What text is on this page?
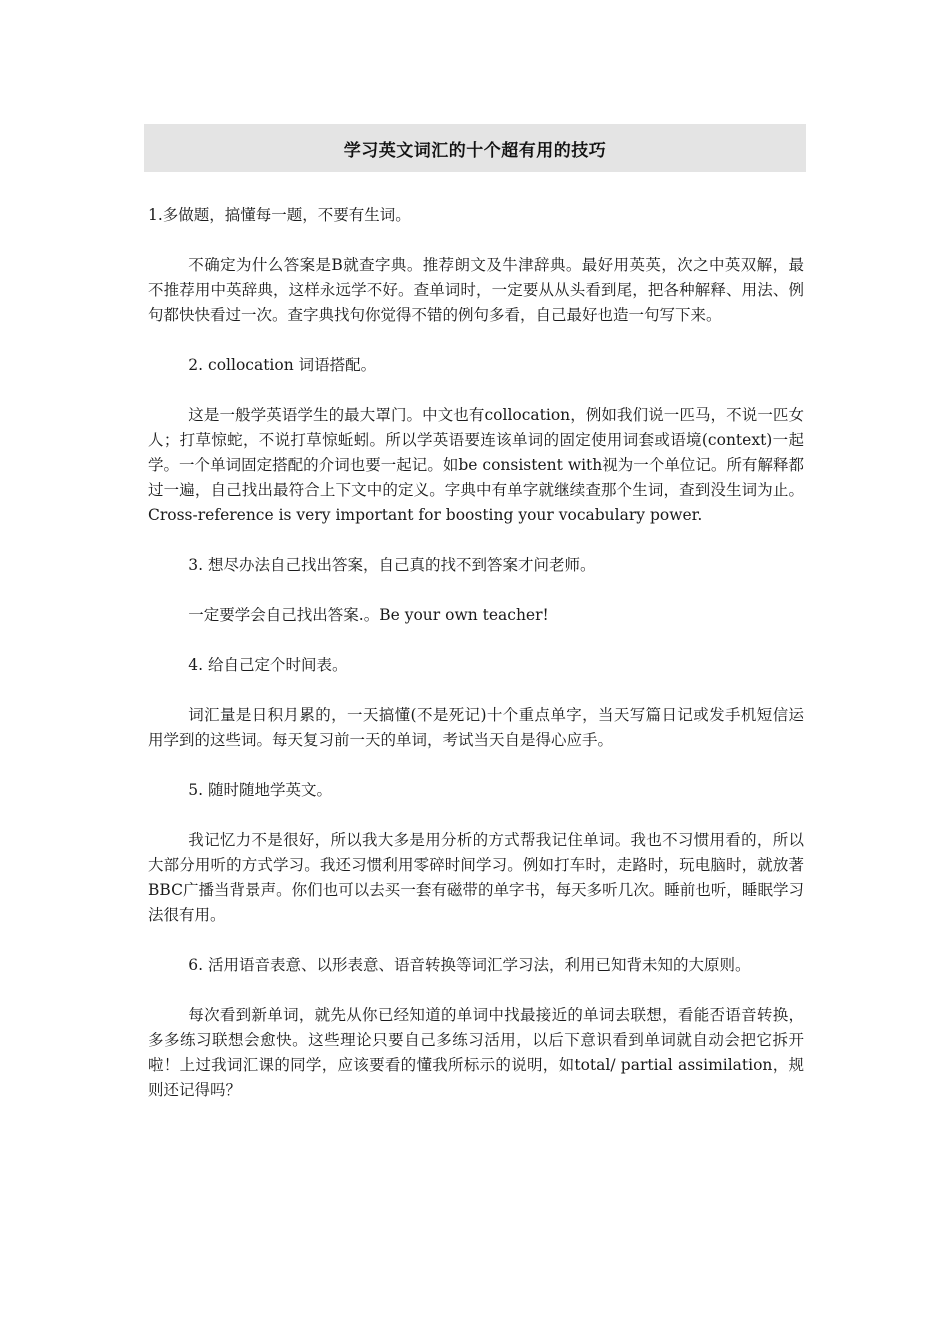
学习英文词汇的十个超有用的技巧

1.多做题，搞懂每一题，不要有生词。

不确定为什么答案是B就查字典。推荐朗文及牛津辞典。最好用英英，次之中英双解，最不推荐用中英辞典，这样永远学不好。查单词时，一定要从从头看到尾，把各种解释、用法、例句都快快看过一次。查字典找句你觉得不错的例句多看，自己最好也造一句写下来。

2. collocation 词语搭配。

这是一般学英语学生的最大罩门。中文也有collocation，例如我们说一匹马，不说一匹女人；打草惊蛇，不说打草惊蚯蚓。所以学英语要连该单词的固定使用词套或语境(context)一起学。一个单词固定搭配的介词也要一起记。如be consistent with视为一个单位记。所有解释都过一遍，自己找出最符合上下文中的定义。字典中有单字就继续查那个生词，查到没生词为止。 Cross-reference is very important for boosting your vocabulary power.

3. 想尽办法自己找出答案，自己真的找不到答案才问老师。

一定要学会自己找出答案.。Be your own teacher!

4. 给自己定个时间表。

词汇量是日积月累的，一天搞懂(不是死记)十个重点单字，当天写篇日记或发手机短信运用学到的这些词。每天复习前一天的单词，考试当天自是得心应手。

5. 随时随地学英文。

我记忆力不是很好，所以我大多是用分析的方式帮我记住单词。我也不习惯用看的，所以大部分用听的方式学习。我还习惯利用零碎时间学习。例如打车时，走路时，玩电脑时，就放著BBC广播当背景声。你们也可以去买一套有磁带的单字书，每天多听几次。睡前也听，睡眠学习法很有用。

6. 活用语音表意、以形表意、语音转换等词汇学习法，利用已知背未知的大原则。

每次看到新单词，就先从你已经知道的单词中找最接近的单词去联想，看能否语音转换，多多练习联想会愈快。这些理论只要自己多练习活用，以后下意识看到单词就自动会把它拆开啦！上过我词汇课的同学，应该要看的懂我所标示的说明，如total/ partial assimilation，规则还记得吗？
